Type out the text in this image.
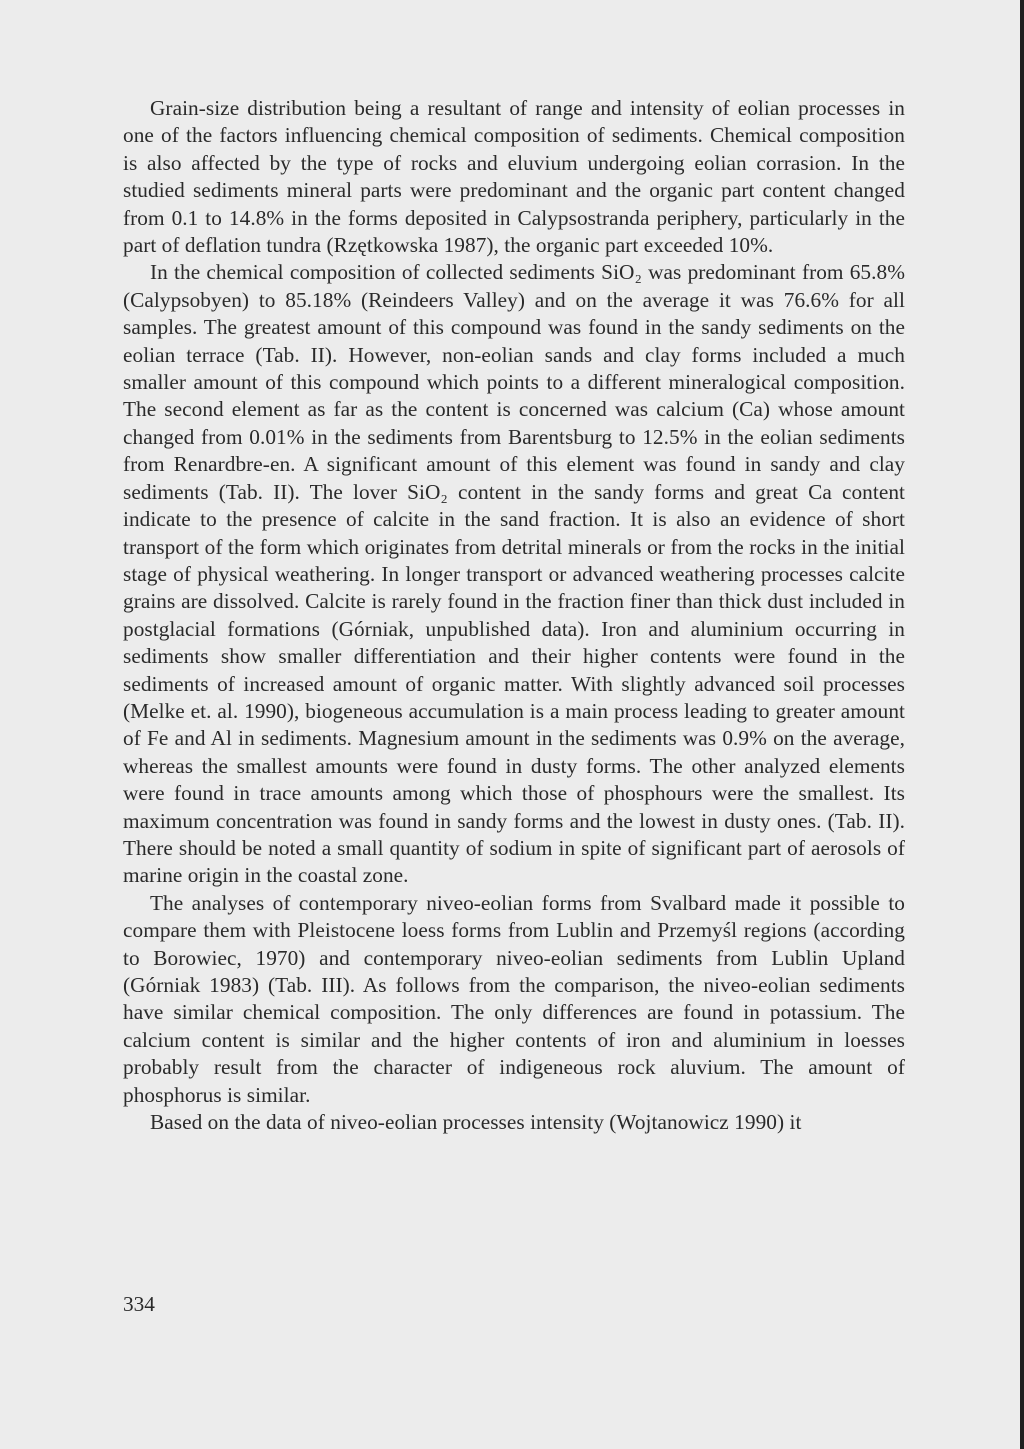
Grain-size distribution being a resultant of range and intensity of eolian processes in one of the factors influencing chemical composition of sediments. Chemical composition is also affected by the type of rocks and eluvium undergoing eolian corrasion. In the studied sediments mineral parts were predominant and the organic part content changed from 0.1 to 14.8% in the forms deposited in Calypsostranda periphery, particularly in the part of deflation tundra (Rzętkowska 1987), the organic part exceeded 10%.

In the chemical composition of collected sediments SiO₂ was predominant from 65.8% (Calypsobyen) to 85.18% (Reindeers Valley) and on the average it was 76.6% for all samples. The greatest amount of this compound was found in the sandy sediments on the eolian terrace (Tab. II). However, non-eolian sands and clay forms included a much smaller amount of this compound which points to a different mineralogical composition. The second element as far as the content is concerned was calcium (Ca) whose amount changed from 0.01% in the sediments from Barentsburg to 12.5% in the eolian sediments from Renardbre-en. A significant amount of this element was found in sandy and clay sediments (Tab. II). The lover SiO₂ content in the sandy forms and great Ca content indicate to the presence of calcite in the sand fraction. It is also an evidence of short transport of the form which originates from detrital minerals or from the rocks in the initial stage of physical weathering. In longer transport or advanced weathering processes calcite grains are dissolved. Calcite is rarely found in the fraction finer than thick dust included in postglacial formations (Górniak, unpublished data). Iron and aluminium occurring in sediments show smaller differentiation and their higher contents were found in the sediments of increased amount of organic matter. With slightly advanced soil processes (Melke et. al. 1990), biogeneous accumulation is a main process leading to greater amount of Fe and Al in sediments. Magnesium amount in the sediments was 0.9% on the average, whereas the smallest amounts were found in dusty forms. The other analyzed elements were found in trace amounts among which those of phosphours were the smallest. Its maximum concentration was found in sandy forms and the lowest in dusty ones. (Tab. II). There should be noted a small quantity of sodium in spite of significant part of aerosols of marine origin in the coastal zone.

The analyses of contemporary niveo-eolian forms from Svalbard made it possible to compare them with Pleistocene loess forms from Lublin and Przemyśl regions (according to Borowiec, 1970) and contemporary niveo-eolian sediments from Lublin Upland (Górniak 1983) (Tab. III). As follows from the comparison, the niveo-eolian sediments have similar chemical composition. The only differences are found in potassium. The calcium content is similar and the higher contents of iron and aluminium in loesses probably result from the character of indigeneous rock aluvium. The amount of phosphorus is similar.

Based on the data of niveo-eolian processes intensity (Wojtanowicz 1990) it

334
